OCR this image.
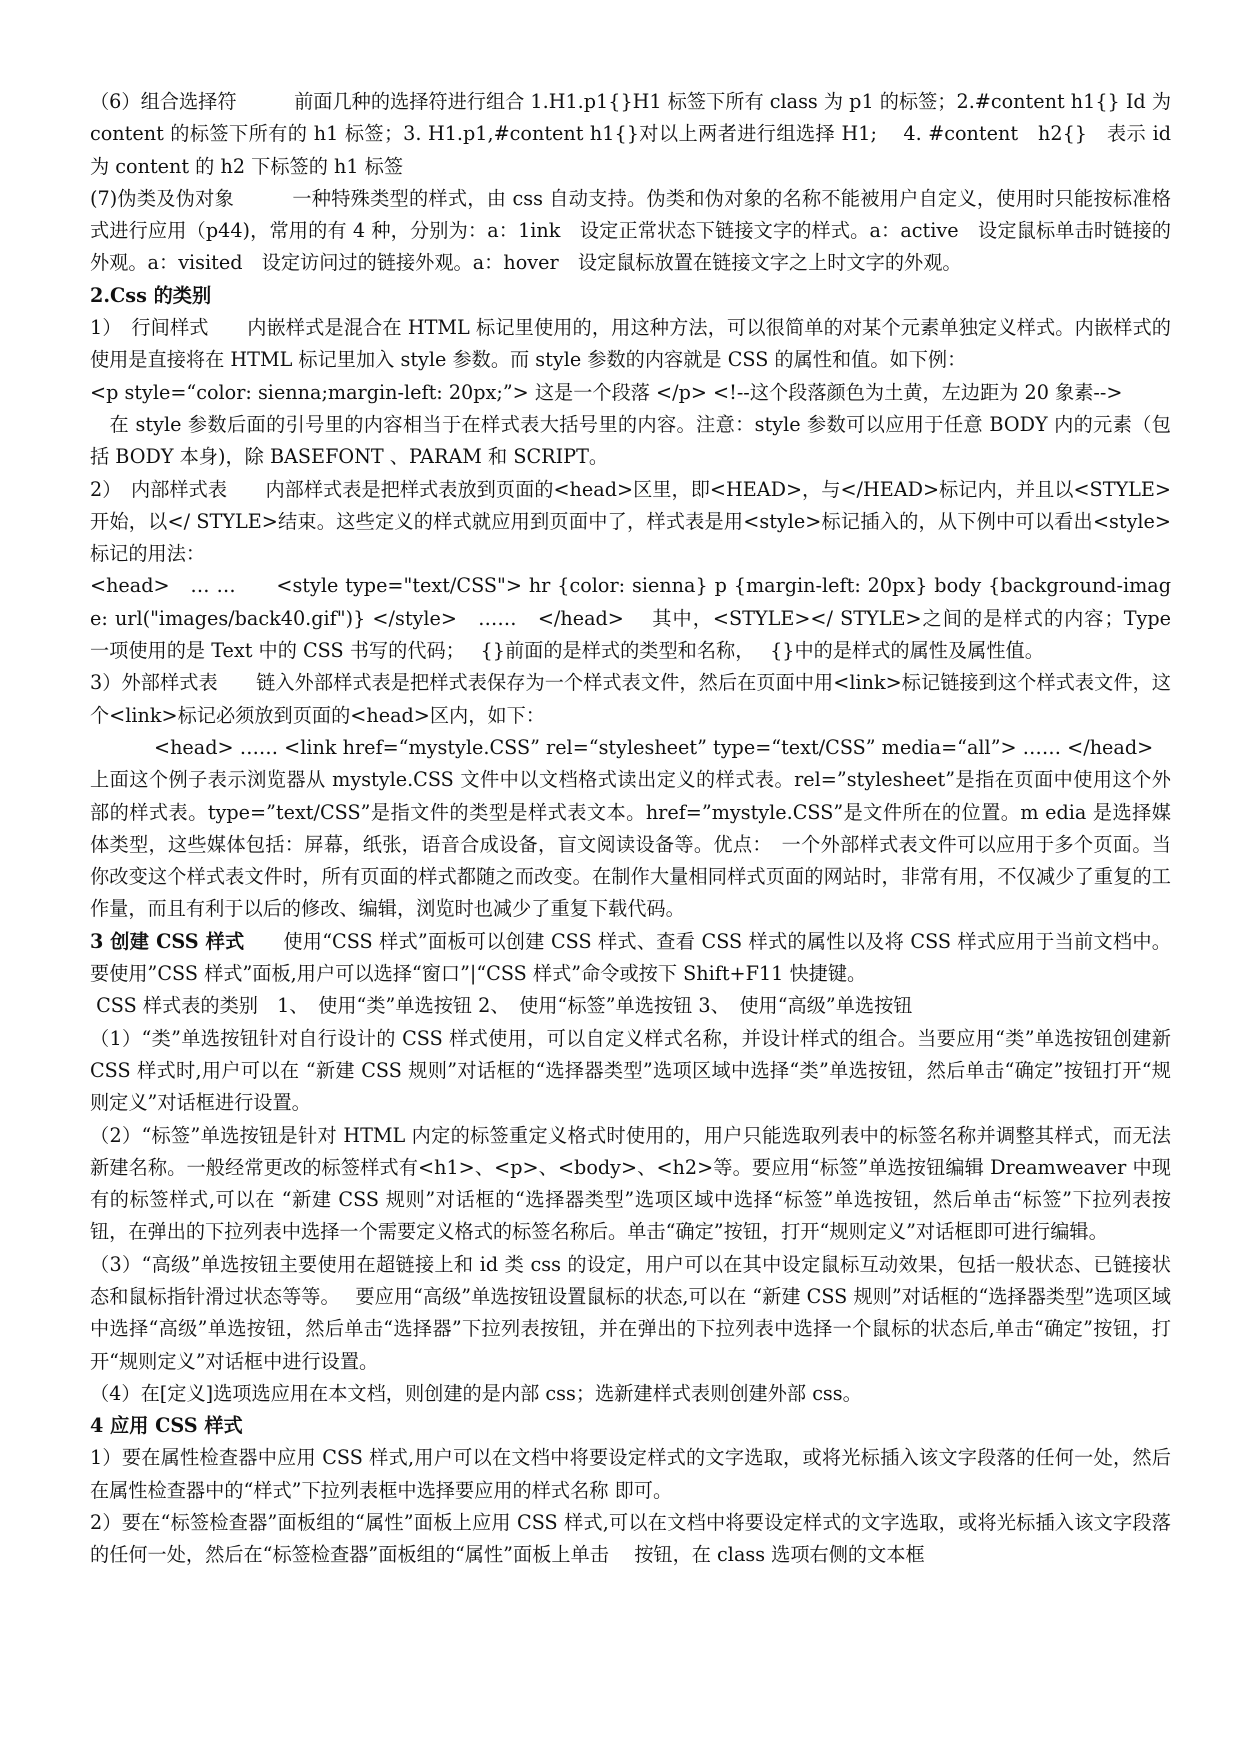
（6）组合选择符　　　前面几种的选择符进行组合 1.H1.p1{}H1 标签下所有 class 为 p1 的标签；2.#content h1{} Id 为 content 的标签下所有的 h1 标签；3. H1.p1,#content h1{}对以上两者进行组选择 H1;　 4. #content　h2{}　表示 id 为 content 的 h2 下标签的 h1 标签

(7)伪类及伪对象　　　一种特殊类型的样式，由 css 自动支持。伪类和伪对象的名称不能被用户自定义，使用时只能按标准格式进行应用（p44)，常用的有 4 种，分别为：a：1ink　设定正常状态下链接文字的样式。a：active　设定鼠标单击时链接的外观。a：visited　设定访问过的链接外观。a：hover　设定鼠标放置在链接文字之上时文字的外观。

2.Css 的类别

1）　行间样式　　内嵌样式是混合在 HTML 标记里使用的，用这种方法，可以很简单的对某个元素单独定义样式。内嵌样式的使用是直接将在 HTML 标记里加入 style 参数。而 style 参数的内容就是 CSS 的属性和值。如下例：

<p style=“color: sienna;margin-left: 20px;”> 这是一个段落 </p> <!--这个段落颜色为土黄，左边距为 20 象素-->

　在 style 参数后面的引号里的内容相当于在样式表大括号里的内容。注意：style 参数可以应用于任意 BODY 内的元素（包括 BODY 本身)，除 BASEFONT 、PARAM 和 SCRIPT。

2）　内部样式表　　内部样式表是把样式表放到页面的<head>区里，即<HEAD>，与</HEAD>标记内，并且以<STYLE>开始，以</ STYLE>结束。这些定义的样式就应用到页面中了，样式表是用<style>标记插入的，从下例中可以看出<style>标记的用法：

<head>　… …　　<style type="text/CSS"> hr {color: sienna} p {margin-left: 20px} body {background-image: url("images/back40.gif")} </style>　……　</head>　 其中，<STYLE></ STYLE>之间的是样式的内容；Type 一项使用的是 Text 中的 CSS 书写的代码；　 {}前面的是样式的类型和名称，　 {}中的是样式的属性及属性值。

3）外部样式表　　链入外部样式表是把样式表保存为一个样式表文件，然后在页面中用<link>标记链接到这个样式表文件，这个<link>标记必须放到页面的<head>区内，如下：

<head> …… <link href=“mystyle.CSS” rel=“stylesheet” type=“text/CSS” media=“all”> …… </head>

上面这个例子表示浏览器从 mystyle.CSS 文件中以文档格式读出定义的样式表。rel=”stylesheet”是指在页面中使用这个外部的样式表。type=”text/CSS”是指文件的类型是样式表文本。href=”mystyle.CSS”是文件所在的位置。m edia 是选择媒体类型，这些媒体包括：屏幕，纸张，语音合成设备，盲文阅读设备等。优点：　一个外部样式表文件可以应用于多个页面。当你改变这个样式表文件时，所有页面的样式都随之而改变。在制作大量相同样式页面的网站时，非常有用，不仅减少了重复的工作量，而且有利于以后的修改、编辑，浏览时也减少了重复下载代码。

3 创建 CSS 样式　　使用“CSS 样式”面板可以创建 CSS 样式、查看 CSS 样式的属性以及将 CSS 样式应用于当前文档中。要使用”CSS 样式”面板,用户可以选择“窗口”|“CSS 样式”命令或按下 Shift+F11 快捷键。

CSS 样式表的类别　1、　使用“类”单选按钮 2、　使用“标签”单选按钮 3、　使用“高级”单选按钮

（1）“类”单选按钮针对自行设计的 CSS 样式使用，可以自定义样式名称，并设计样式的组合。当要应用“类”单选按钮创建新 CSS 样式时,用户可以在 “新建 CSS 规则”对话框的“选择器类型”选项区域中选择“类”单选按钮，然后单击“确定”按钮打开“规则定义”对话框进行设置。

（2）“标签”单选按钮是针对 HTML 内定的标签重定义格式时使用的，用户只能选取列表中的标签名称并调整其样式，而无法新建名称。一般经常更改的标签样式有<h1>、<p>、<body>、<h2>等。要应用“标签”单选按钮编辑 Dreamweaver 中现有的标签样式,可以在 “新建 CSS 规则”对话框的“选择器类型”选项区域中选择“标签”单选按钮，然后单击“标签”下拉列表按钮，在弹出的下拉列表中选择一个需要定义格式的标签名称后。单击“确定”按钮，打开“规则定义”对话框即可进行编辑。

（3）“高级”单选按钮主要使用在超链接上和 id 类 css 的设定，用户可以在其中设定鼠标互动效果，包括一般状态、已链接状态和鼠标指针滑过状态等等。　 要应用“高级”单选按钮设置鼠标的状态,可以在 “新建 CSS 规则”对话框的“选择器类型”选项区域中选择“高级”单选按钮，然后单击“选择器”下拉列表按钮，并在弹出的下拉列表中选择一个鼠标的状态后,单击“确定”按钮，打开“规则定义”对话框中进行设置。

（4）在[定义]选项选应用在本文档，则创建的是内部 css；选新建样式表则创建外部 css。

4 应用 CSS 样式

1）要在属性检查器中应用 CSS 样式,用户可以在文档中将要设定样式的文字选取，或将光标插入该文字段落的任何一处，然后在属性检查器中的“样式”下拉列表框中选择要应用的样式名称 即可。

2）要在“标签检查器”面板组的“属性”面板上应用 CSS 样式,可以在文档中将要设定样式的文字选取，或将光标插入该文字段落的任何一处，然后在“标签检查器”面板组的“属性”面板上单击　 按钮，在 class 选项右侧的文本框
